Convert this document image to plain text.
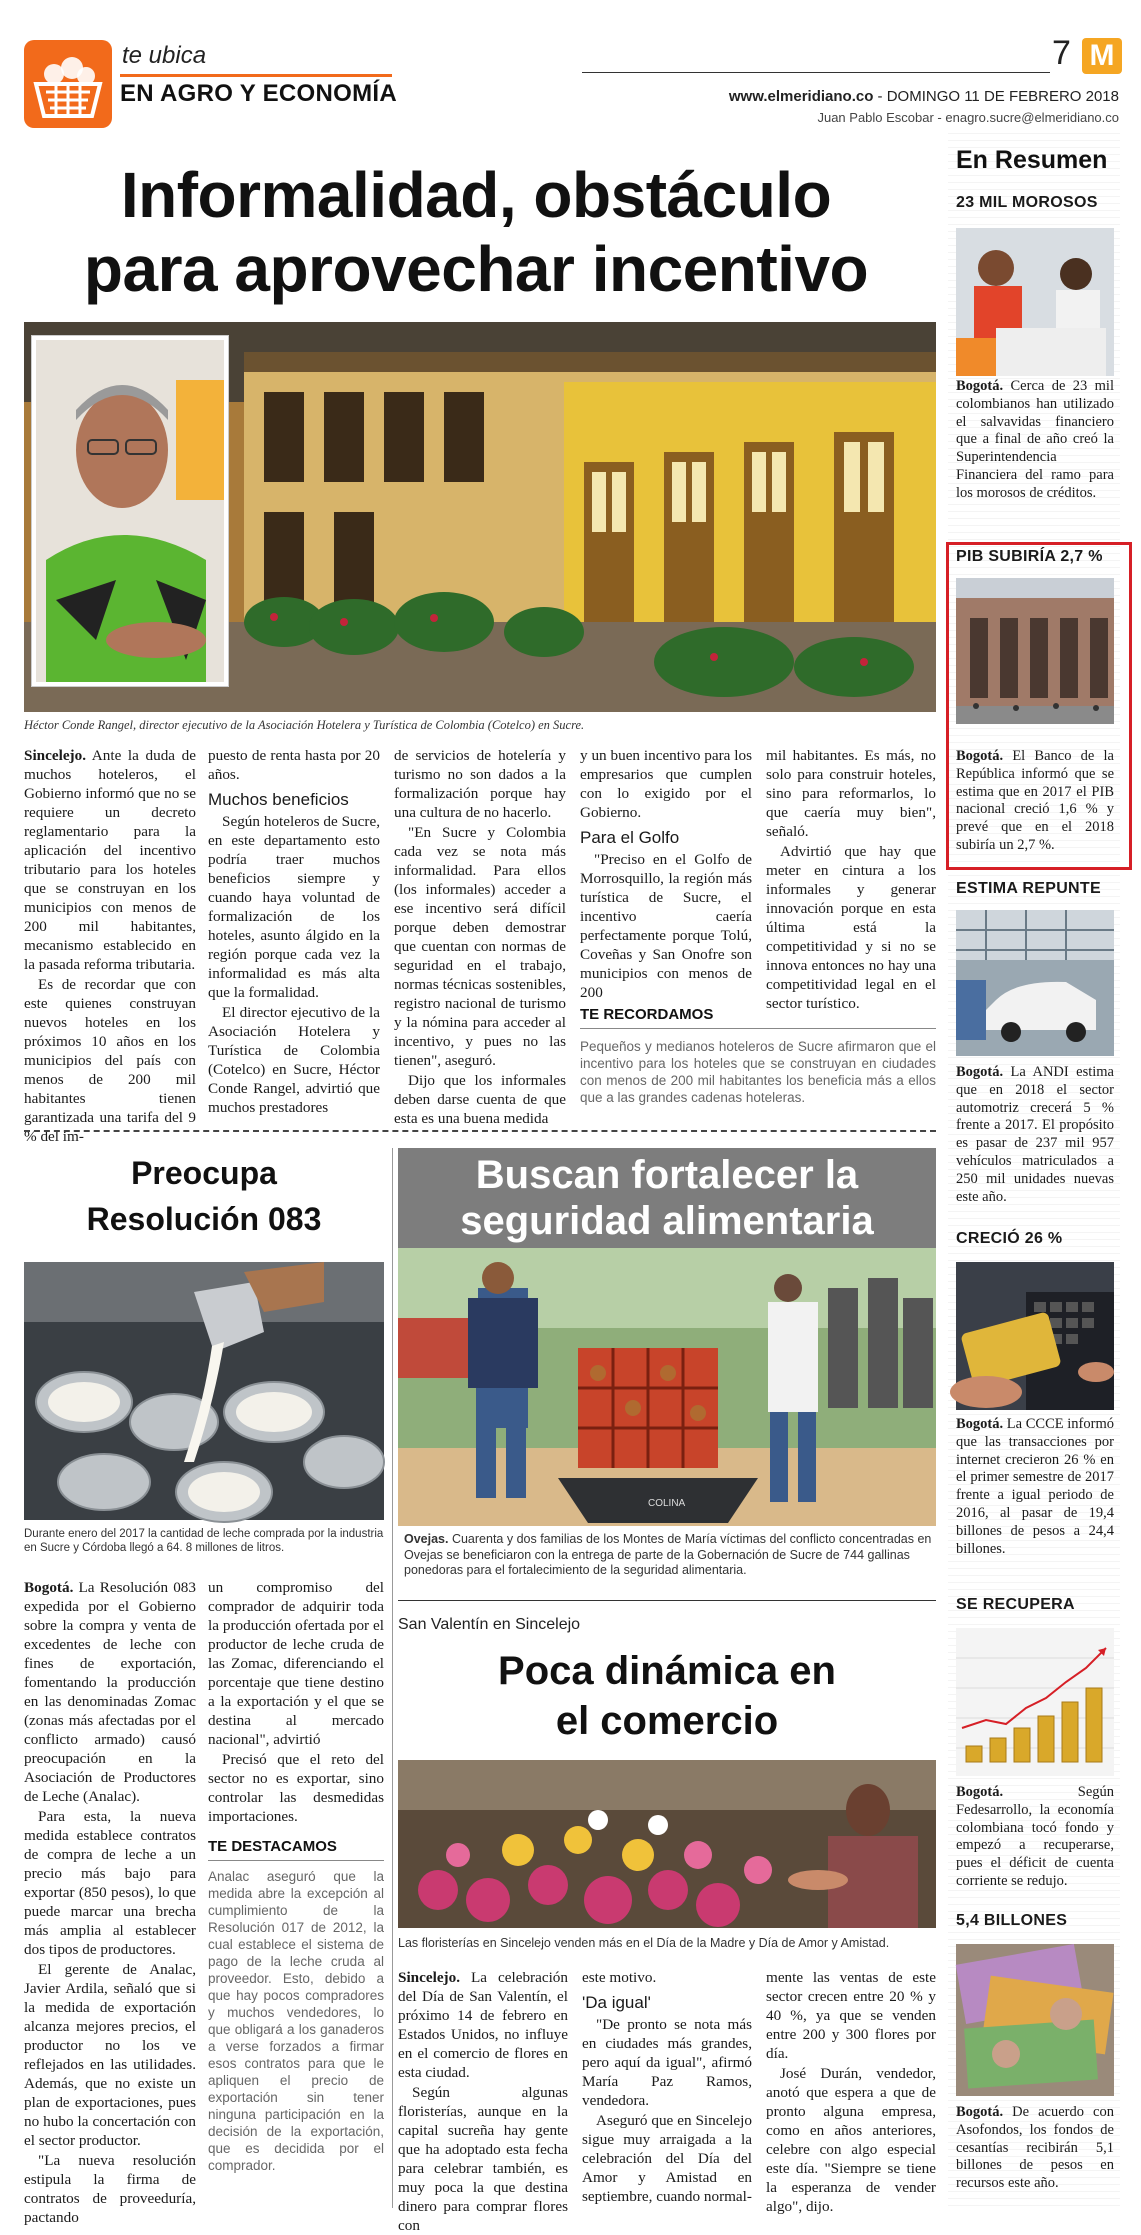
te ubica
EN AGRO Y ECONOMÍA
7 M
www.elmeridiano.co - DOMINGO 11 DE FEBRERO 2018
Juan Pablo Escobar - enagro.sucre@elmeridiano.co
Informalidad, obstáculo
para aprovechar incentivo
Héctor Conde Rangel, director ejecutivo de la Asociación Hotelera y Turística de Colombia (Cotelco) en Sucre.

Sincelejo. Ante la duda de muchos hoteleros, el Gobierno informó que no se requiere un decreto reglamentario para la aplicación del incentivo tributario para los hoteles que se construyan en los municipios con menos de 200 mil habitantes, mecanismo establecido en la pasada reforma tributaria.

Es de recordar que con este quienes construyan nuevos hoteles en los próximos 10 años en los municipios del país con menos de 200 mil habitantes tienen garantizada una tarifa del 9 % del im-

puesto de renta hasta por 20 años.

Muchos beneficios

Según hoteleros de Sucre, en este departamento esto podría traer muchos beneficios siempre y cuando haya voluntad de formalización de los hoteles, asunto álgido en la región porque cada vez la informalidad es más alta que la formalidad.

El director ejecutivo de la Asociación Hotelera y Turística de Colombia (Cotelco) en Sucre, Héctor Conde Rangel, advirtió que muchos prestadores

de servicios de hotelería y turismo no son dados a la formalización porque hay una cultura de no hacerlo.

"En Sucre y Colombia cada vez se nota más informalidad. Para ellos (los informales) acceder a ese incentivo será difícil porque deben demostrar que cuentan con normas de seguridad en el trabajo, normas técnicas sostenibles, registro nacional de turismo y la nómina para acceder al incentivo, y pues no las tienen", aseguró.

Dijo que los informales deben darse cuenta de que esta es una buena medida

y un buen incentivo para los empresarios que cumplen con lo exigido por el Gobierno.

Para el Golfo

"Preciso en el Golfo de Morrosquillo, la región más turística de Sucre, el incentivo caería perfectamente porque Tolú, Coveñas y San Onofre son municipios con menos de 200

mil habitantes. Es más, no solo para construir hoteles, sino para reformarlos, lo que caería muy bien", señaló.

Advirtió que hay que meter en cintura a los informales y generar innovación porque en esta última está la competitividad y si no se innova entonces no hay una competitividad legal en el sector turístico.

TE RECORDAMOS
Pequeños y medianos hoteleros de Sucre afirmaron que el incentivo para los hoteles que se construyan en ciudades con menos de 200 mil habitantes los beneficia más a ellos que a las grandes cadenas hoteleras.
Preocupa
Resolución 083
Durante enero del 2017 la cantidad de leche comprada por la industria en Sucre y Córdoba llegó a 64. 8 millones de litros.

Bogotá. La Resolución 083 expedida por el Gobierno sobre la compra y venta de excedentes de leche con fines de exportación, fomentando la producción en las denominadas Zomac (zonas más afectadas por el conflicto armado) causó preocupación en la Asociación de Productores de Leche (Analac).

Para esta, la nueva medida establece contratos de compra de leche a un precio más bajo para exportar (850 pesos), lo que puede marcar una brecha más amplia al establecer dos tipos de productores.

El gerente de Analac, Javier Ardila, señaló que si la medida de exportación alcanza mejores precios, el productor no los ve reflejados en las utilidades. Además, que no existe un plan de exportaciones, pues no hubo la concertación con el sector productor.

"La nueva resolución estipula la firma de contratos de proveeduría, pactando

un compromiso del comprador de adquirir toda la producción ofertada por el productor de leche cruda de las Zomac, diferenciando el porcentaje que tiene destino a la exportación y el que se destina al mercado nacional", advirtió

Precisó que el reto del sector no es exportar, sino controlar las desmedidas importaciones.

TE DESTACAMOS
Analac aseguró que la medida abre la excepción al cumplimiento de la Resolución 017 de 2012, la cual establece el sistema de pago de la leche cruda al proveedor. Esto, debido a que hay pocos compradores y muchos vendedores, lo que obligará a los ganaderos a verse forzados a firmar esos contratos para que le apliquen el precio de exportación sin tener ninguna participación en la decisión de la exportación, que es decidida por el comprador.
Buscan fortalecer la
seguridad alimentaria
COLINA
Ovejas. Cuarenta y dos familias de los Montes de María víctimas del conflicto concentradas en Ovejas se beneficiaron con la entrega de parte de la Gobernación de Sucre de 744 gallinas ponedoras para el fortalecimiento de la seguridad alimentaria.
San Valentín en Sincelejo
Poca dinámica en
el comercio
Las floristerías en Sincelejo venden más en el Día de la Madre y Día de Amor y Amistad.

Sincelejo. La celebración del Día de San Valentín, el próximo 14 de febrero en Estados Unidos, no influye en el comercio de flores en esta ciudad.

Según algunas floristerías, aunque en la capital sucreña hay gente que ha adoptado esta fecha para celebrar también, es muy poca la que destina dinero para comprar flores con

este motivo.

'Da igual'

"De pronto se nota más en ciudades más grandes, pero aquí da igual", afirmó María Paz Ramos, vendedora.

Aseguró que en Sincelejo sigue muy arraigada a la celebración del Día del Amor y Amistad en septiembre, cuando normal-

mente las ventas de este sector crecen entre 20 % y 40 %, ya que se venden entre 200 y 300 flores por día.

José Durán, vendedor, anotó que espera a que de pronto alguna empresa, como en años anteriores, celebre con algo especial este día. "Siempre se tiene la esperanza de vender algo", dijo.

En Resumen
23 MIL MOROSOS
Bogotá. Cerca de 23 mil colombianos han utilizado el salvavidas financiero que a final de año creó la Superintendencia Financiera del ramo para los morosos de créditos.
PIB SUBIRÍA 2,7 %
Bogotá. El Banco de la República informó que se estima que en 2017 el PIB nacional creció 1,6 % y prevé que en el 2018 subiría un 2,7 %.
ESTIMA REPUNTE
Bogotá. La ANDI estima que en 2018 el sector automotriz crecerá 5 % frente a 2017. El propósito es pasar de 237 mil 957 vehículos matriculados a 250 mil unidades nuevas este año.
CRECIÓ 26 %
Bogotá. La CCCE informó que las transacciones por internet crecieron 26 % en el primer semestre de 2017 frente a igual periodo de 2016, al pasar de 19,4 billones de pesos a 24,4 billones.
SE RECUPERA
Bogotá. Según Fedesarrollo, la economía colombiana tocó fondo y empezó a recuperarse, pues el déficit de cuenta corriente se redujo.
5,4 BILLONES
Bogotá. De acuerdo con Asofondos, los fondos de cesantías recibirán 5,1 billones de pesos en recursos este año.
